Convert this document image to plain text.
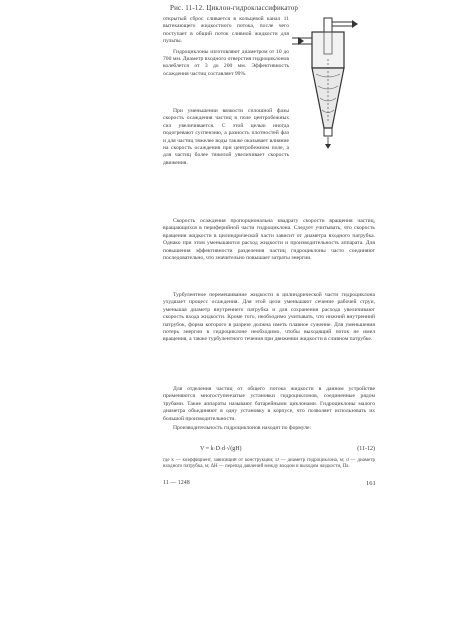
Рис. 11-12. Циклон-гидроклассификатор

открытый сброс сливается в кольцевой канал 11 вытекающего жидкостного потока, после чего поступает в общий поток сливной жидкости для пульпы.

Гидроциклоны изготовляют диаметром от 10 до 700 мм. Диаметр входного отверстия гидроциклонов колеблется от 3 до 200 мм. Эффективность осаждения частиц составляет 99%.

При уменьшении вязкости сплошной фазы скорость осаждения частиц в поле центробежных сил увеличивается. С этой целью иногда подогревают суспензию, а разность плотностей фаз и для частиц тяжелее воды также оказывает влияние на скорость осаждения при центробежном поле, а для частиц более тяжелой увеличивает скорость движения.

Скорость осаждения пропорциональна квадрату скорости вращения частиц, вращающихся в периферийной части гидроциклона. Следует учитывать, что скорость вращения жидкости в цилиндрической части зависит от диаметра входного патрубка. Однако при этом уменьшаются расход жидкости и производительность аппарата. Для повышения эффективности разделения частиц гидроциклоны часто соединяют последовательно, что значительно повышает затраты энергии.

Турбулентное перемешивание жидкости в цилиндрической части гидроциклона ухудшает процесс осаждения. Для этой цели уменьшают сечение рабочей струи, уменьшая диаметр внутреннего патрубка и для сохранения расхода увеличивают скорость входа жидкости. Кроме того, необходимо учитывать, что нижний внутренний патрубок, форма которого в разрезе должна иметь плавное сужение. Для уменьшения потерь энергии в гидроциклоне необходимо, чтобы выходящий поток не имел вращения, а также турбулентного течения при движении жидкости в сливном патрубке.

Для отделения частиц от общего потока жидкости в данном устройстве применяются многоступенчатые установки гидроциклонов, соединенные рядом трубами. Такие аппараты называют батарейными циклонами. Гидроциклоны малого диаметра объединяют в одну установку в корпусе, что позволяет использовать их большой производительности.

Производительность гидроциклонов находят по формуле:

V = k·D·d·√(gH)	(11-12)
где k — коэффициент, зависящий от конструкции; D — диаметр гидроциклона, м; d — диаметр входного патрубка, м; ΔH — перепад давлений между входом и выходом жидкости, Па.
11 — 1248	161
